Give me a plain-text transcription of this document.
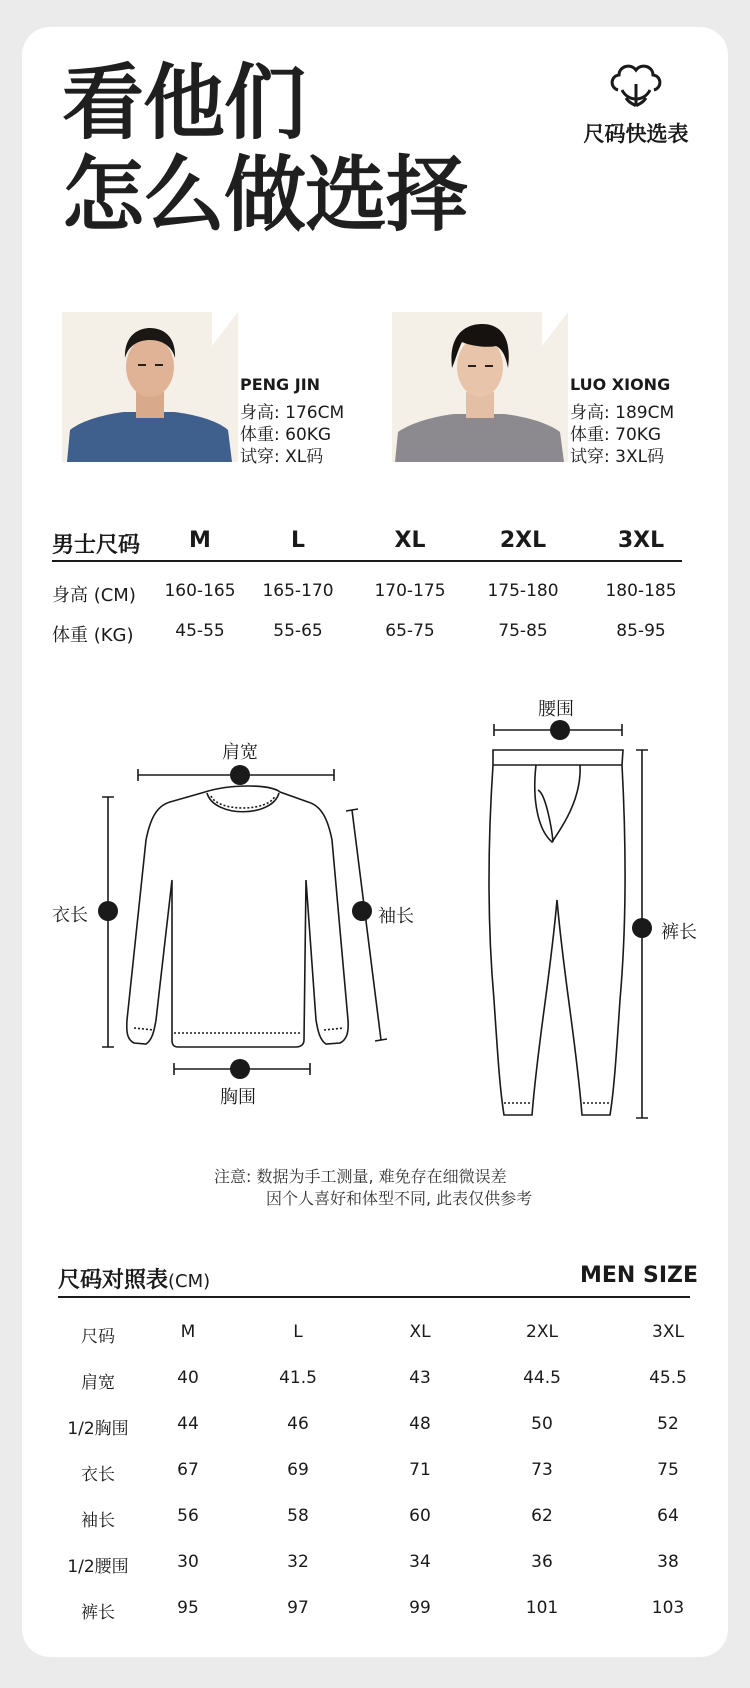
看他们
怎么做选择
尺码快选表
PENG JIN
身高: 176CM
体重: 60KG
试穿: XL码
LUO XIONG
身高: 189CM
体重: 70KG
试穿: 3XL码
男士尺码	M	L	XL	2XL	3XL
身高 (CM)	160-165	165-170	170-175	175-180	180-185
体重 (KG)	45-55	55-65	65-75	75-85	85-95
肩宽
衣长	袖长
胸围
腰围
裤长
注意: 数据为手工测量, 难免存在细微误差
因个人喜好和体型不同, 此表仅供参考
尺码对照表(CM)	MEN SIZE
尺码	M	L	XL	2XL	3XL
肩宽	40	41.5	43	44.5	45.5
1/2胸围	44	46	48	50	52
衣长	67	69	71	73	75
袖长	56	58	60	62	64
1/2腰围	30	32	34	36	38
裤长	95	97	99	101	103
